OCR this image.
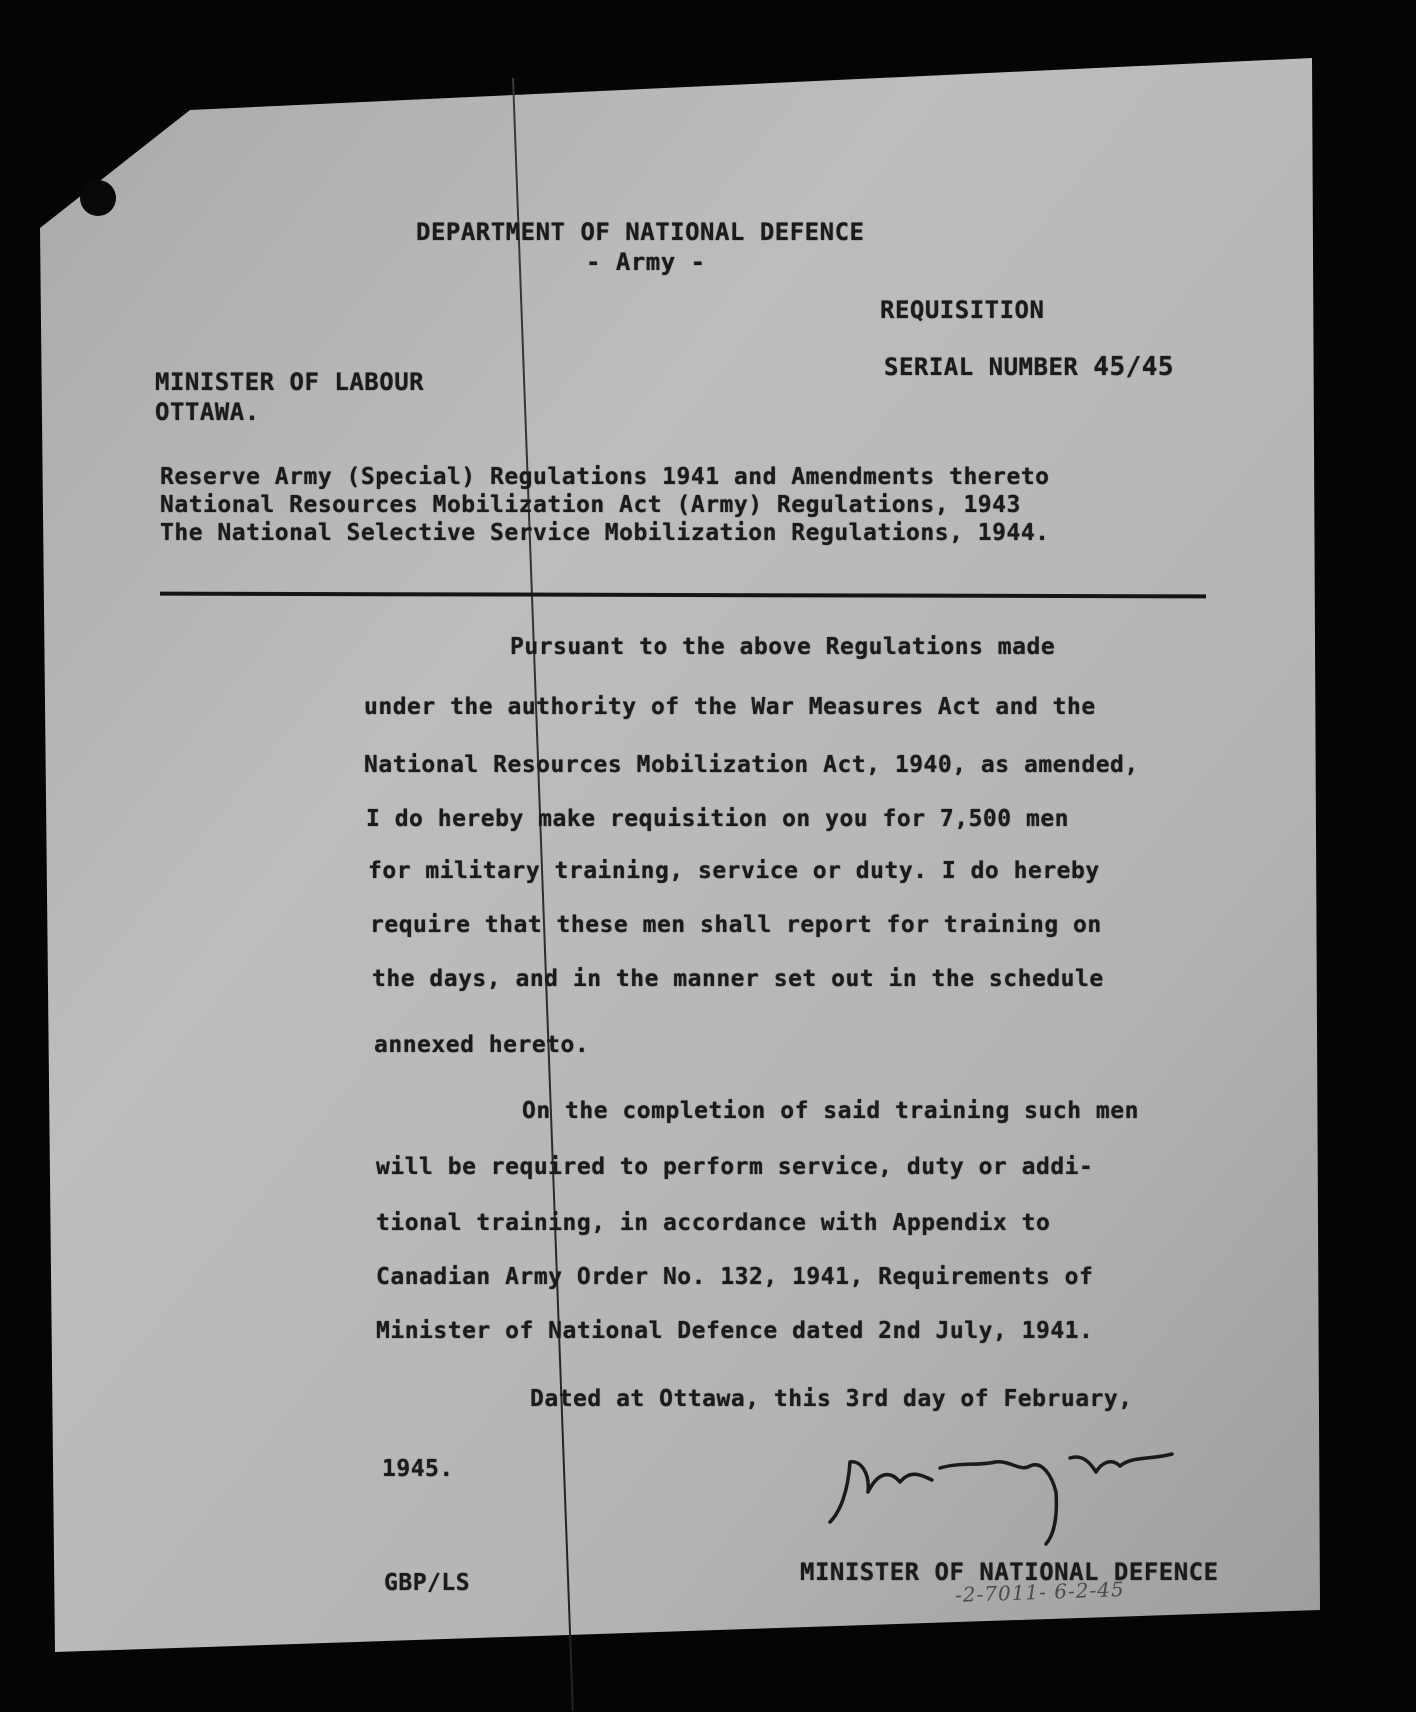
DEPARTMENT OF NATIONAL DEFENCE
- Army -
REQUISITION
SERIAL NUMBER 45/45
MINISTER OF LABOUR
OTTAWA.
Reserve Army (Special) Regulations 1941 and Amendments thereto
National Resources Mobilization Act (Army) Regulations, 1943
The National Selective Service Mobilization Regulations, 1944.
Pursuant to the above Regulations made
under the authority of the War Measures Act and the
National Resources Mobilization Act, 1940, as amended,
I do hereby make requisition on you for 7,500 men
for military training, service or duty. I do hereby
require that these men shall report for training on
the days, and in the manner set out in the schedule
annexed hereto.
On the completion of said training such men
will be required to perform service, duty or addi-
tional training, in accordance with Appendix to
Canadian Army Order No. 132, 1941, Requirements of
Minister of National Defence dated 2nd July, 1941.
Dated at Ottawa, this 3rd day of February,
1945.
GBP/LS	MINISTER OF NATIONAL DEFENCE
-2-7011- 6-2-45
